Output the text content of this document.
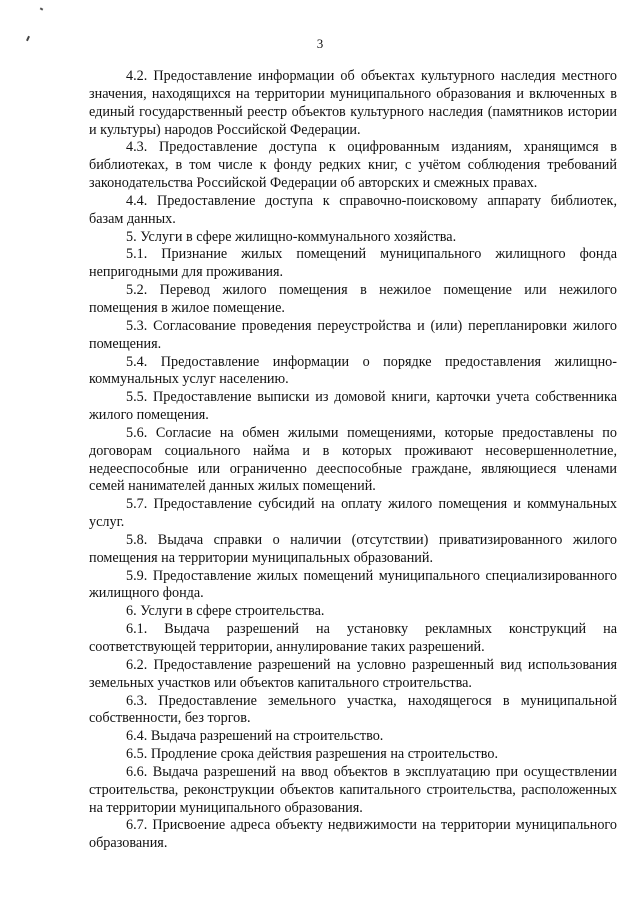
3

4.2. Предоставление информации об объектах культурного наследия местного значения, находящихся на территории муниципального образования и включенных в единый государственный реестр объектов культурного наследия (памятников истории и культуры) народов Российской Федерации.

4.3. Предоставление доступа к оцифрованным изданиям, хранящимся в библиотеках, в том числе к фонду редких книг, с учётом соблюдения требований законодательства Российской Федерации об авторских и смежных правах.

4.4. Предоставление доступа к справочно-поисковому аппарату библиотек, базам данных.

5. Услуги в сфере жилищно-коммунального хозяйства.

5.1. Признание жилых помещений муниципального жилищного фонда непригодными для проживания.

5.2. Перевод жилого помещения в нежилое помещение или нежилого помещения в жилое помещение.

5.3. Согласование проведения переустройства и (или) перепланировки жилого помещения.

5.4. Предоставление информации о порядке предоставления жилищно-коммунальных услуг населению.

5.5. Предоставление выписки из домовой книги, карточки учета собственника жилого помещения.

5.6. Согласие на обмен жилыми помещениями, которые предоставлены по договорам социального найма и в которых проживают несовершеннолетние, недееспособные или ограниченно дееспособные граждане, являющиеся членами семей нанимателей данных жилых помещений.

5.7. Предоставление субсидий на оплату жилого помещения и коммунальных услуг.

5.8. Выдача справки о наличии (отсутствии) приватизированного жилого помещения на территории муниципальных образований.

5.9. Предоставление жилых помещений муниципального специализированного жилищного фонда.

6. Услуги в сфере строительства.

6.1. Выдача разрешений на установку рекламных конструкций на соответствующей территории, аннулирование таких разрешений.

6.2. Предоставление разрешений на условно разрешенный вид использования земельных участков или объектов капитального строительства.

6.3. Предоставление земельного участка, находящегося в муниципальной собственности, без торгов.

6.4. Выдача разрешений на строительство.

6.5. Продление срока действия разрешения на строительство.

6.6. Выдача разрешений на ввод объектов в эксплуатацию при осуществлении строительства, реконструкции объектов капитального строительства, расположенных на территории муниципального образования.

6.7. Присвоение адреса объекту недвижимости на территории муниципального образования.
